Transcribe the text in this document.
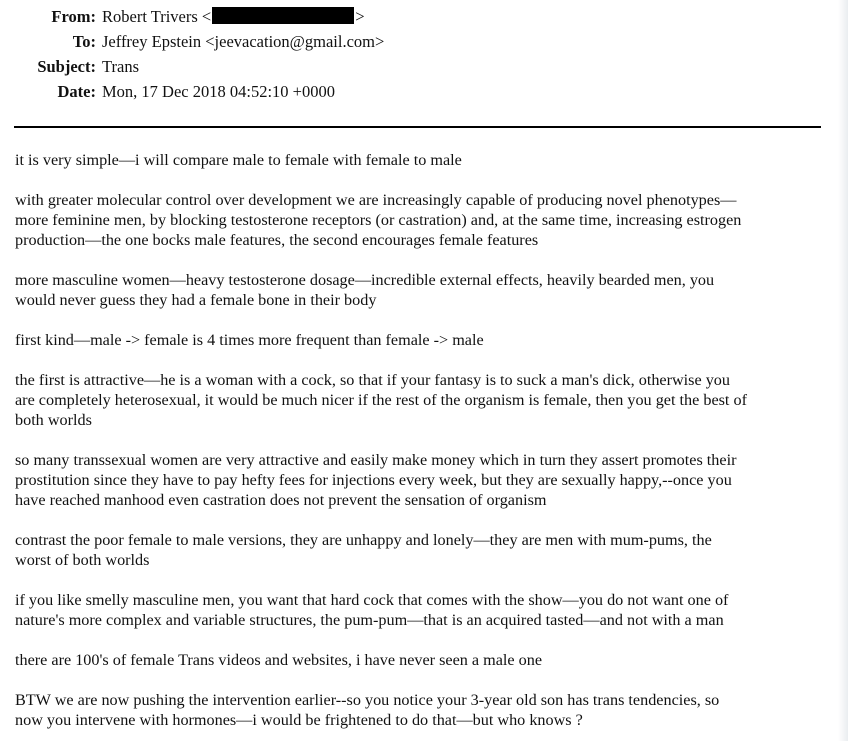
From: Robert Trivers <	>
To: Jeffrey Epstein <jeevacation@gmail.com>
Subject: Trans
Date: Mon, 17 Dec 2018 04:52:10 +0000
it is very simple—i will compare male to female with female to male
with greater molecular control over development we are increasingly capable of producing novel phenotypes—
more feminine men, by blocking testosterone receptors (or castration) and, at the same time, increasing estrogen
production—the one bocks male features, the second encourages female features
more masculine women—heavy testosterone dosage—incredible external effects, heavily bearded men, you
would never guess they had a female bone in their body
first kind—male -> female is 4 times more frequent than female -> male
the first is attractive—he is a woman with a cock, so that if your fantasy is to suck a man's dick, otherwise you
are completely heterosexual, it would be much nicer if the rest of the organism is female, then you get the best of
both worlds
so many transsexual women are very attractive and easily make money which in turn they assert promotes their
prostitution since they have to pay hefty fees for injections every week, but they are sexually happy,--once you
have reached manhood even castration does not prevent the sensation of organism
contrast the poor female to male versions, they are unhappy and lonely—they are men with mum-pums, the
worst of both worlds
if you like smelly masculine men, you want that hard cock that comes with the show—you do not want one of
nature's more complex and variable structures, the pum-pum—that is an acquired tasted—and not with a man
there are 100's of female Trans videos and websites, i have never seen a male one
BTW we are now pushing the intervention earlier--so you notice your 3-year old son has trans tendencies, so
now you intervene with hormones—i would be frightened to do that—but who knows ?
